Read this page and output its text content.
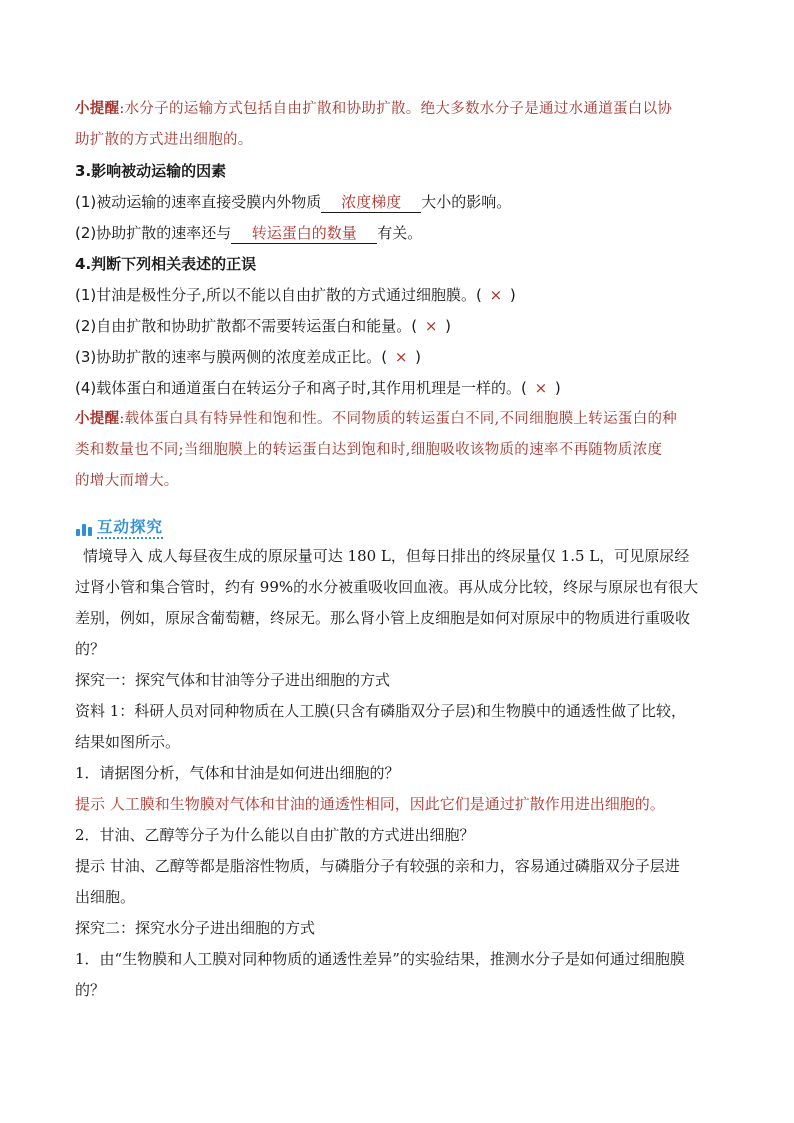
小提醒:水分子的运输方式包括自由扩散和协助扩散。绝大多数水分子是通过水通道蛋白以协
助扩散的方式进出细胞的。
3.影响被动运输的因素
(1)被动运输的速率直接受膜内外物质 浓度梯度 大小的影响。
(2)协助扩散的速率还与 转运蛋白的数量 有关。
4.判断下列相关表述的正误
(1)甘油是极性分子,所以不能以自由扩散的方式通过细胞膜。( × )
(2)自由扩散和协助扩散都不需要转运蛋白和能量。( × )
(3)协助扩散的速率与膜两侧的浓度差成正比。( × )
(4)载体蛋白和通道蛋白在转运分子和离子时,其作用机理是一样的。( × )
小提醒:载体蛋白具有特异性和饱和性。不同物质的转运蛋白不同,不同细胞膜上转运蛋白的种
类和数量也不同;当细胞膜上的转运蛋白达到饱和时,细胞吸收该物质的速率不再随物质浓度
的增大而增大。
互动探究
情境导入 成人每昼夜生成的原尿量可达 180 L，但每日排出的终尿量仅 1.5 L，可见原尿经
过肾小管和集合管时，约有 99%的水分被重吸收回血液。再从成分比较，终尿与原尿也有很大
差别，例如，原尿含葡萄糖，终尿无。那么肾小管上皮细胞是如何对原尿中的物质进行重吸收
的？
探究一：探究气体和甘油等分子进出细胞的方式
资料 1：科研人员对同种物质在人工膜(只含有磷脂双分子层)和生物膜中的通透性做了比较，
结果如图所示。
1．请据图分析，气体和甘油是如何进出细胞的？
提示 人工膜和生物膜对气体和甘油的通透性相同，因此它们是通过扩散作用进出细胞的。
2．甘油、乙醇等分子为什么能以自由扩散的方式进出细胞？
提示 甘油、乙醇等都是脂溶性物质，与磷脂分子有较强的亲和力，容易通过磷脂双分子层进
出细胞。
探究二：探究水分子进出细胞的方式
1．由“生物膜和人工膜对同种物质的通透性差异”的实验结果，推测水分子是如何通过细胞膜
的？
